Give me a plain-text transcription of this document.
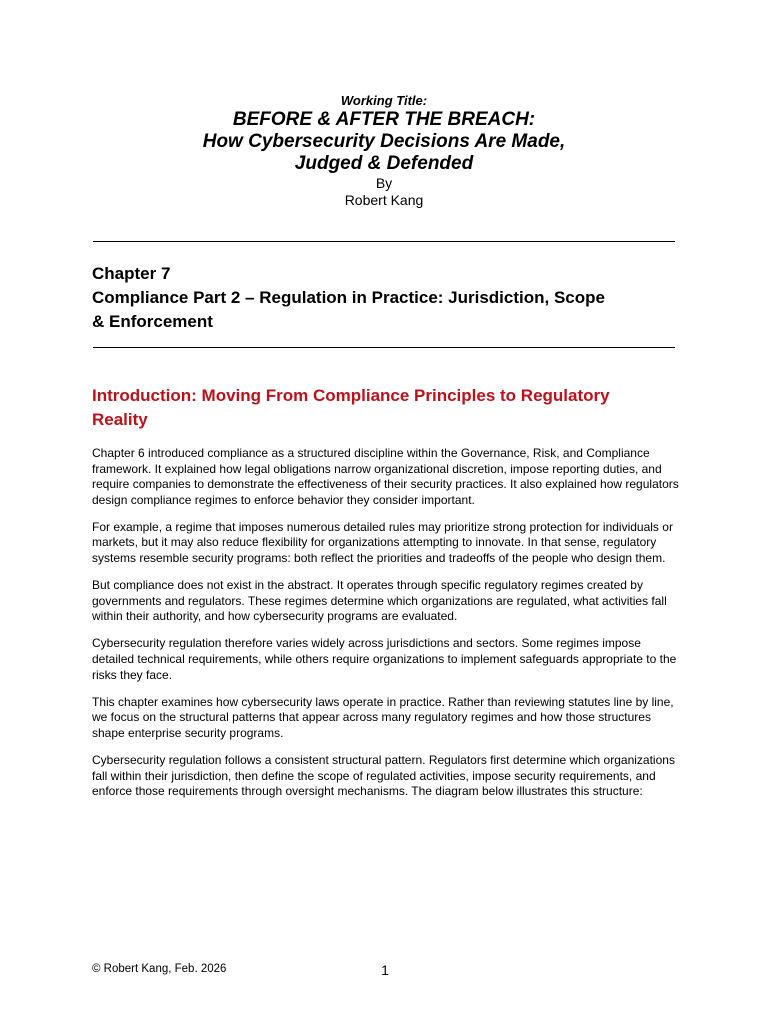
Working Title:
BEFORE & AFTER THE BREACH:
How Cybersecurity Decisions Are Made,
Judged & Defended
By
Robert Kang
Chapter 7
Compliance Part 2 – Regulation in Practice: Jurisdiction, Scope
& Enforcement
Introduction: Moving From Compliance Principles to Regulatory
Reality

Chapter 6 introduced compliance as a structured discipline within the Governance, Risk, and Compliance framework. It explained how legal obligations narrow organizational discretion, impose reporting duties, and require companies to demonstrate the effectiveness of their security practices. It also explained how regulators design compliance regimes to enforce behavior they consider important.

For example, a regime that imposes numerous detailed rules may prioritize strong protection for individuals or markets, but it may also reduce flexibility for organizations attempting to innovate. In that sense, regulatory systems resemble security programs: both reflect the priorities and tradeoffs of the people who design them.

But compliance does not exist in the abstract. It operates through specific regulatory regimes created by governments and regulators. These regimes determine which organizations are regulated, what activities fall within their authority, and how cybersecurity programs are evaluated.

Cybersecurity regulation therefore varies widely across jurisdictions and sectors. Some regimes impose detailed technical requirements, while others require organizations to implement safeguards appropriate to the risks they face.

This chapter examines how cybersecurity laws operate in practice. Rather than reviewing statutes line by line, we focus on the structural patterns that appear across many regulatory regimes and how those structures shape enterprise security programs.

Cybersecurity regulation follows a consistent structural pattern. Regulators first determine which organizations fall within their jurisdiction, then define the scope of regulated activities, impose security requirements, and enforce those requirements through oversight mechanisms. The diagram below illustrates this structure:

© Robert Kang, Feb. 2026	1
